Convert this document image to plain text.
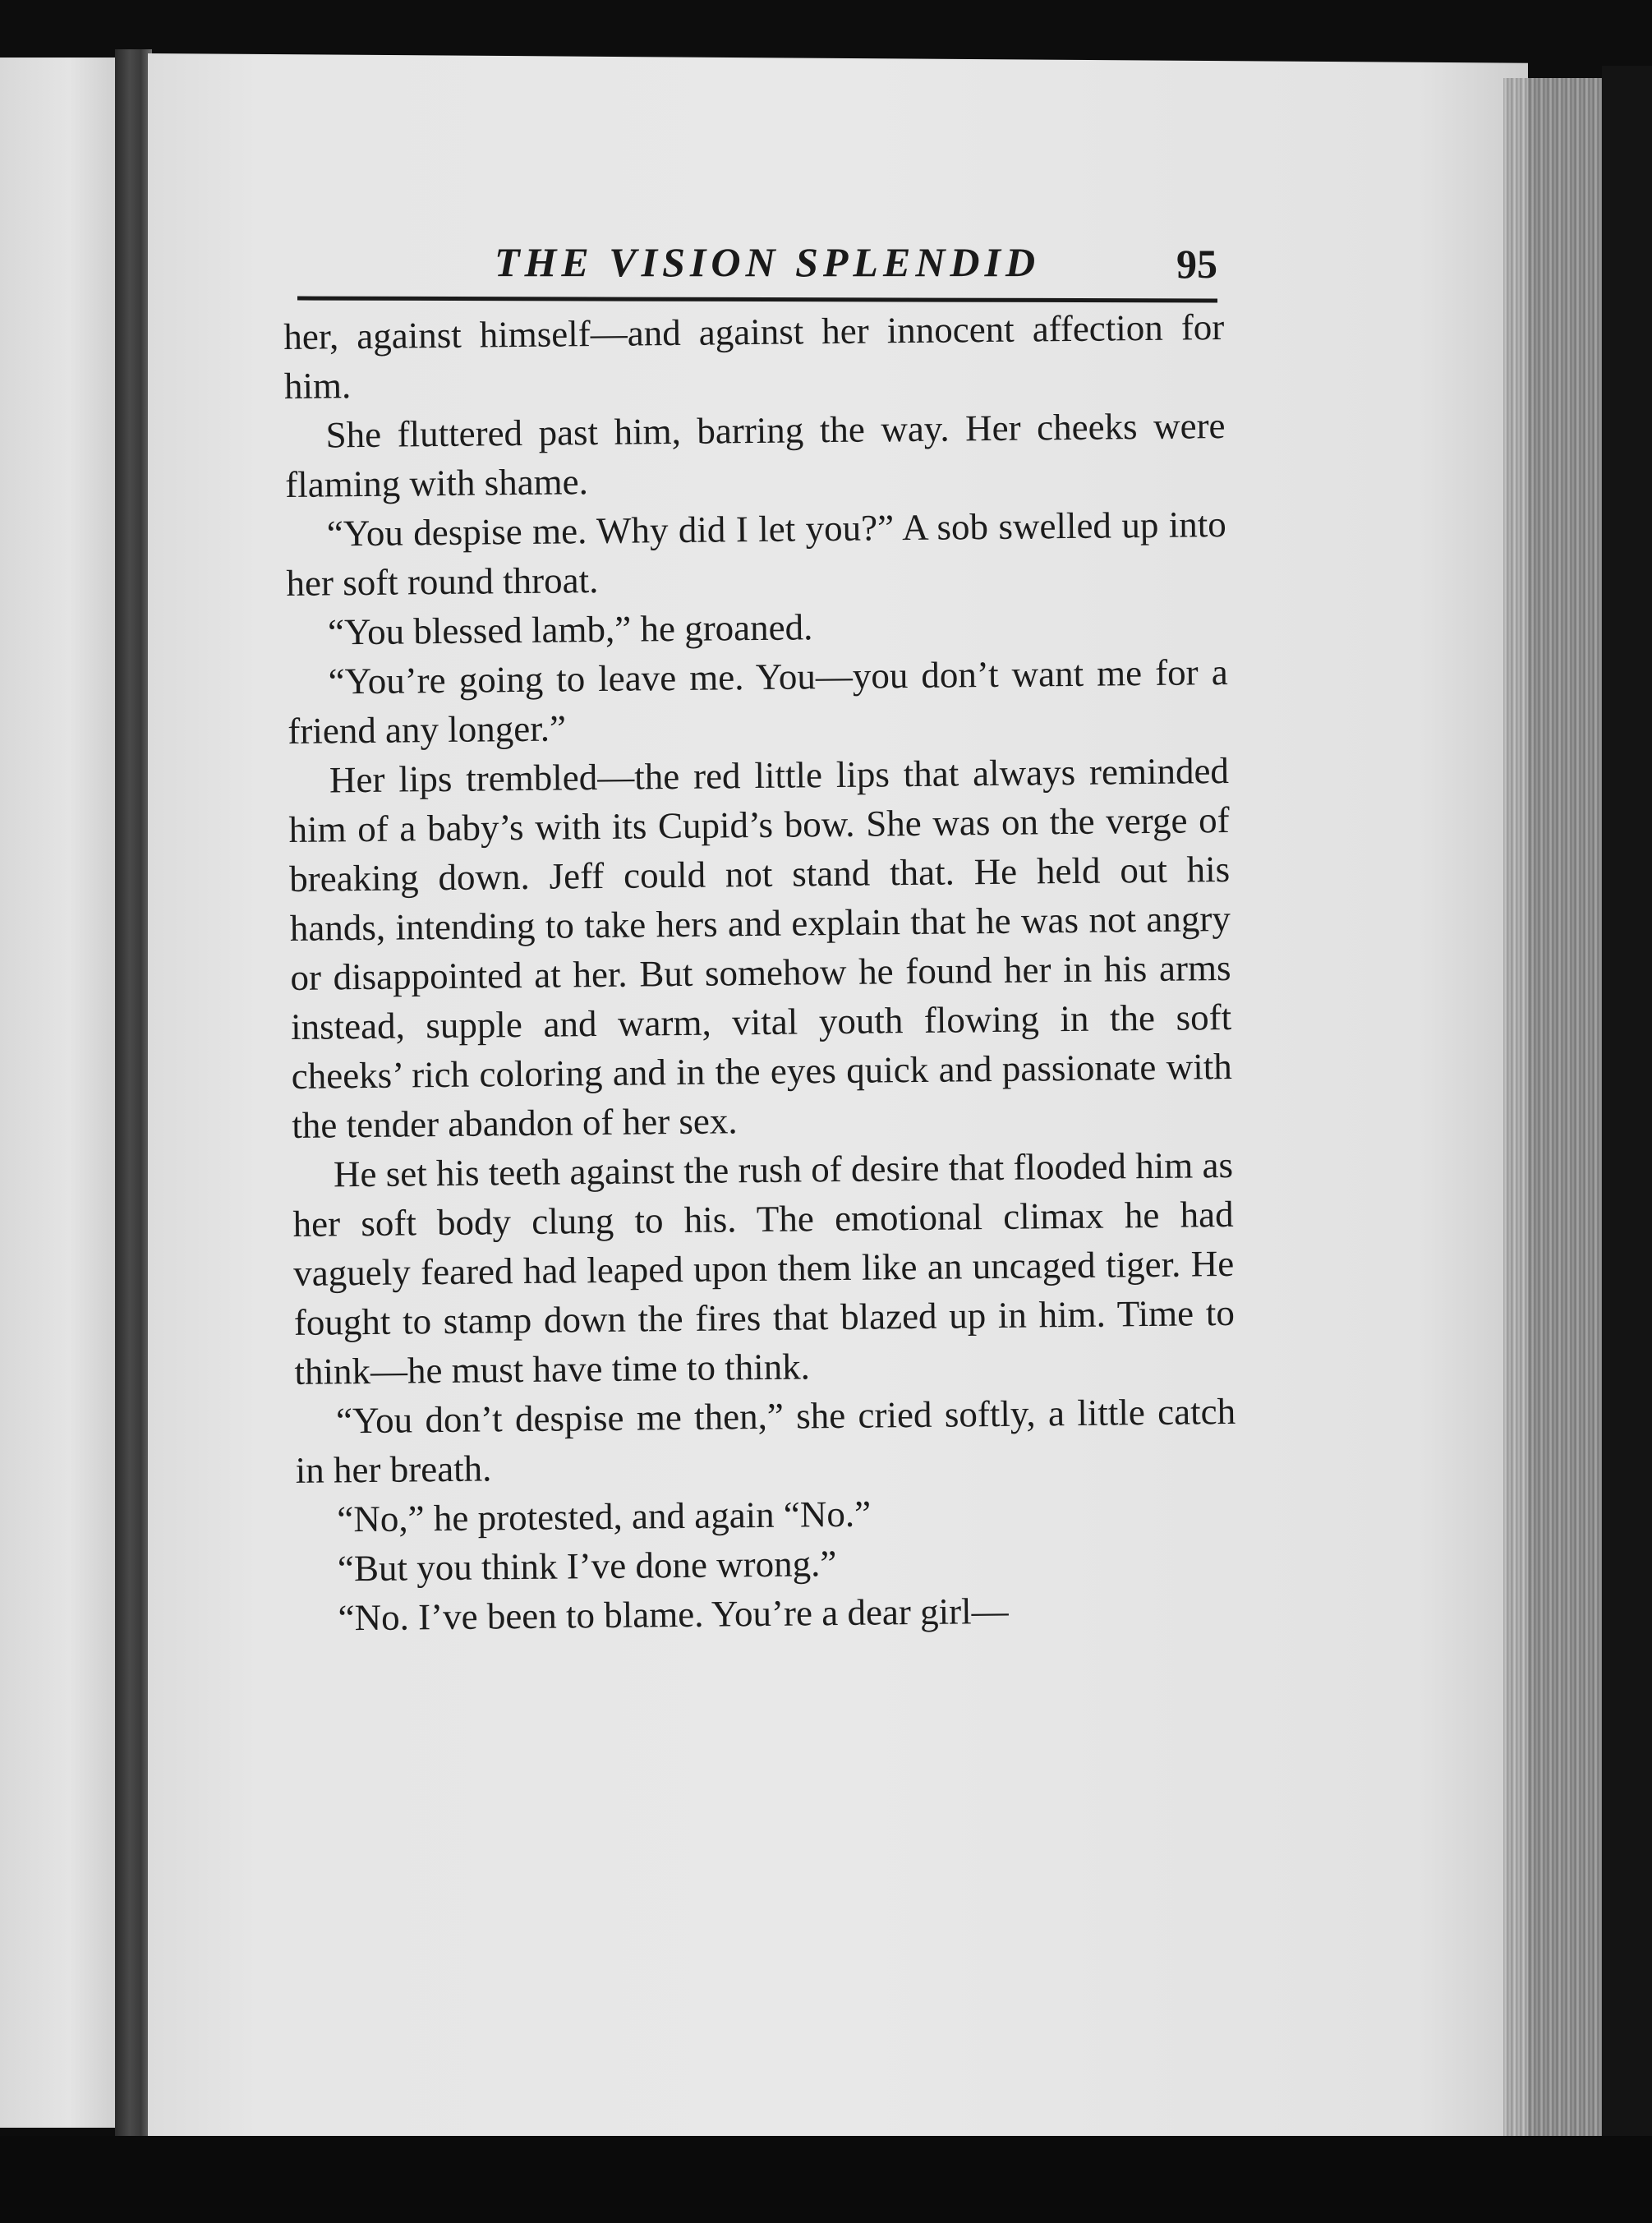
THE VISION SPLENDID	95

her, against himself—and against her innocent affection for him.

She fluttered past him, barring the way. Her cheeks were flaming with shame.

“You despise me. Why did I let you?” A sob swelled up into her soft round throat.

“You blessed lamb,” he groaned.

“You’re going to leave me. You—you don’t want me for a friend any longer.”

Her lips trembled—the red little lips that always reminded him of a baby’s with its Cupid’s bow. She was on the verge of breaking down. Jeff could not stand that. He held out his hands, intending to take hers and explain that he was not angry or disappointed at her. But somehow he found her in his arms instead, supple and warm, vital youth flowing in the soft cheeks’ rich coloring and in the eyes quick and passionate with the tender abandon of her sex.

He set his teeth against the rush of desire that flooded him as her soft body clung to his. The emotional climax he had vaguely feared had leaped upon them like an uncaged tiger. He fought to stamp down the fires that blazed up in him. Time to think—he must have time to think.

“You don’t despise me then,” she cried softly, a little catch in her breath.

“No,” he protested, and again “No.”

“But you think I’ve done wrong.”

“No. I’ve been to blame. You’re a dear girl—
